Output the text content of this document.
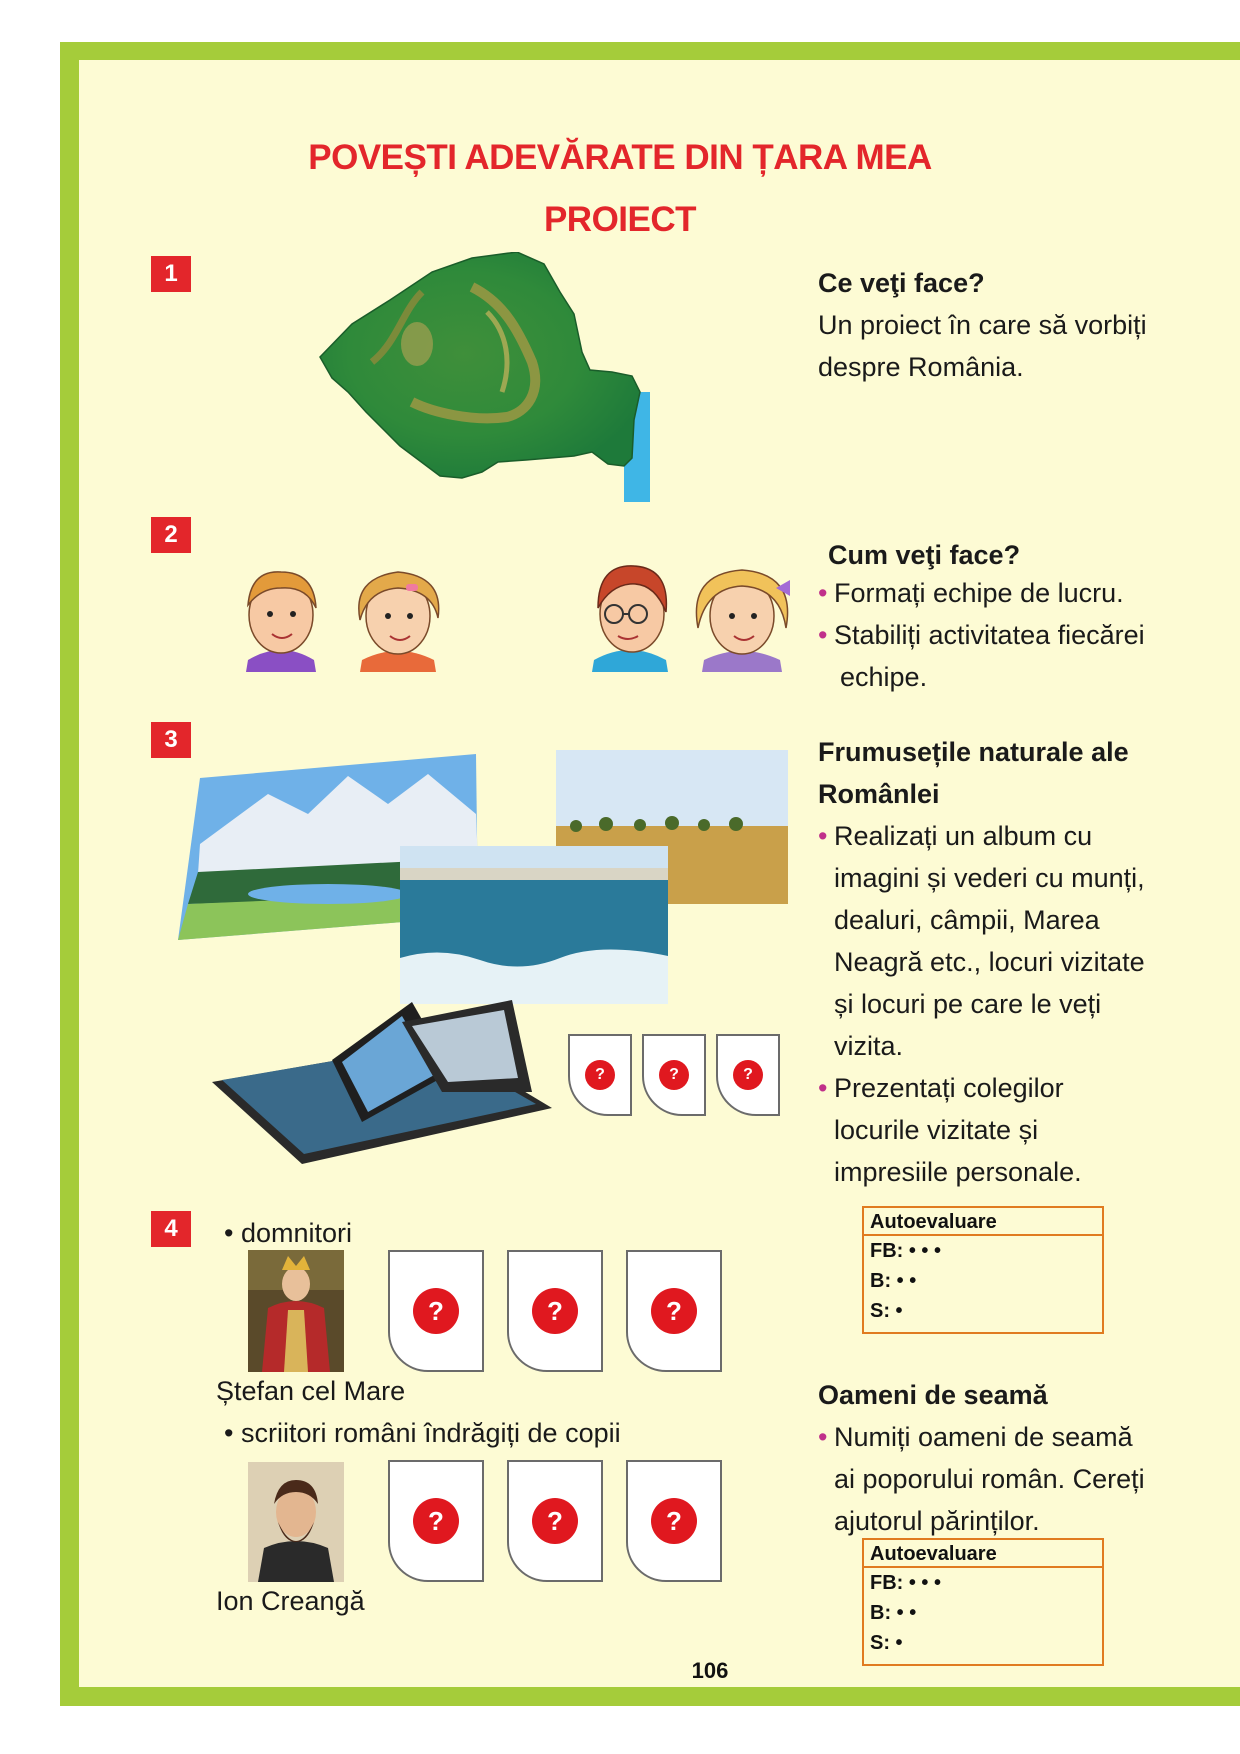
POVEȘTI ADEVĂRATE DIN ȚARA MEA
PROIECT
1	Ce veţi face?
Un proiect în care să vorbiți
despre România.
2
Cum veţi face?
• Formați echipe de lucru.
• Stabiliți activitatea fiecărei
echipe.
3
?	?	?
Frumusețile naturale ale
Românlei
• Realizați un album cu
imagini și vederi cu munți,
dealuri, câmpii, Marea
Neagră etc., locuri vizitate
și locuri pe care le veți
vizita.
• Prezentați colegilor
locurile vizitate și
impresiile personale.
4	• domnitori
Ștefan cel Mare
?	?	?
• scriitori români îndrăgiți de copii
Ion Creangă
?	?	?
Autoevaluare
FB: • • •
B: • •
S: •
Oameni de seamă
• Numiți oameni de seamă
ai poporului român. Cereți
ajutorul părinților.
Autoevaluare
FB: • • •
B: • •
S: •
106
